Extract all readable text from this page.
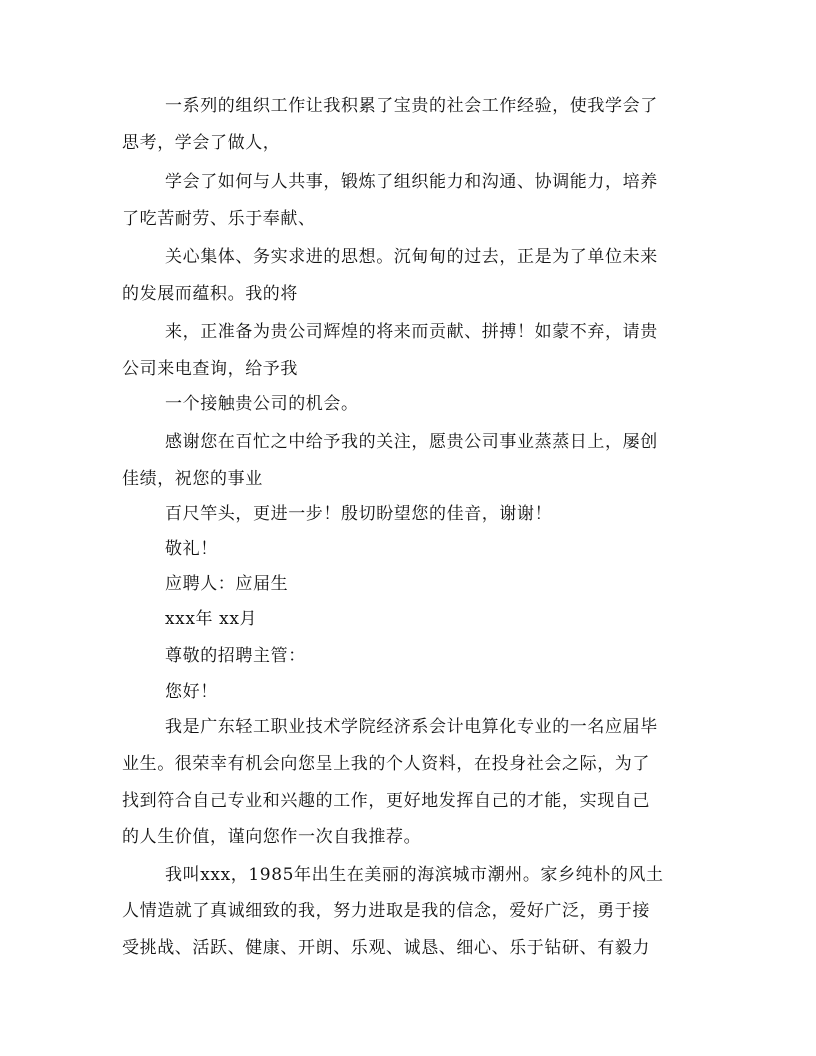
一系列的组织工作让我积累了宝贵的社会工作经验，使我学会了
思考，学会了做人，
学会了如何与人共事，锻炼了组织能力和沟通、协调能力，培养
了吃苦耐劳、乐于奉献、
关心集体、务实求进的思想。沉甸甸的过去，正是为了单位未来
的发展而蕴积。我的将
来，正准备为贵公司辉煌的将来而贡献、拼搏！如蒙不弃，请贵
公司来电查询，给予我
一个接触贵公司的机会。
感谢您在百忙之中给予我的关注，愿贵公司事业蒸蒸日上，屡创
佳绩，祝您的事业
百尺竿头，更进一步！殷切盼望您的佳音，谢谢！
敬礼！
应聘人：应届生
xxx年 xx月
尊敬的招聘主管：
您好！
我是广东轻工职业技术学院经济系会计电算化专业的一名应届毕
业生。很荣幸有机会向您呈上我的个人资料，在投身社会之际，为了
找到符合自己专业和兴趣的工作，更好地发挥自己的才能，实现自己
的人生价值，谨向您作一次自我推荐。
我叫xxx，1985年出生在美丽的海滨城市潮州。家乡纯朴的风土
人情造就了真诚细致的我，努力进取是我的信念，爱好广泛，勇于接
受挑战、活跃、健康、开朗、乐观、诚恳、细心、乐于钻研、有毅力
